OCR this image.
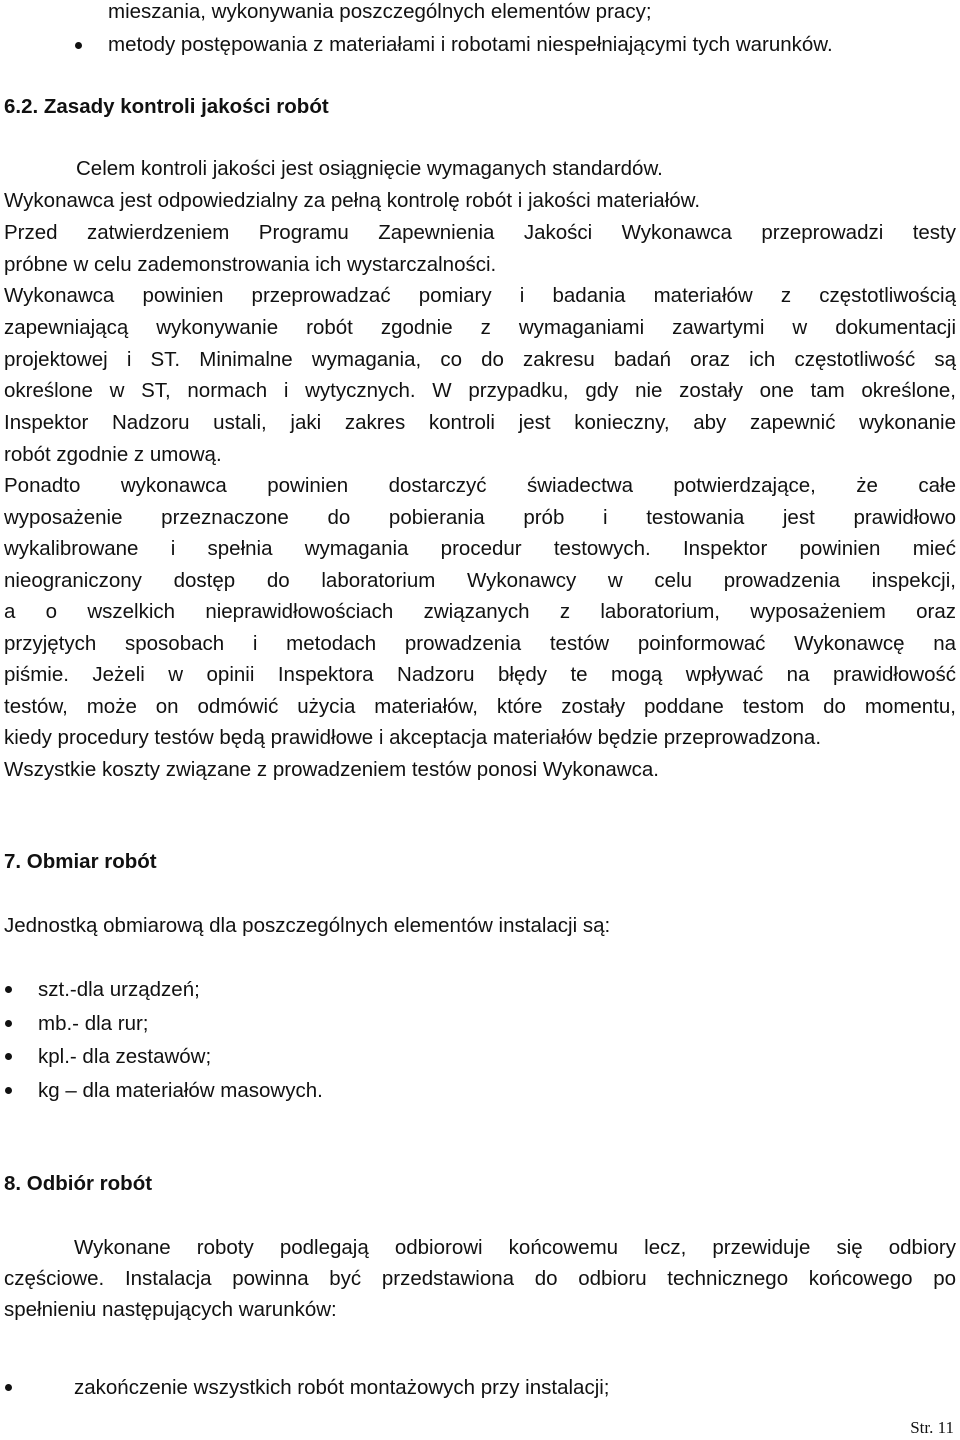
mieszania, wykonywania poszczególnych elementów pracy;
metody postępowania z materiałami i robotami niespełniającymi tych warunków.
6.2. Zasady kontroli jakości robót
Celem kontroli jakości jest osiągnięcie wymaganych standardów.
Wykonawca jest odpowiedzialny za pełną kontrolę robót i jakości materiałów.
Przed zatwierdzeniem Programu Zapewnienia Jakości Wykonawca przeprowadzi testy
próbne w celu zademonstrowania ich wystarczalności.
Wykonawca powinien przeprowadzać pomiary i badania materiałów z częstotliwością
zapewniającą wykonywanie robót zgodnie z wymaganiami zawartymi w dokumentacji
projektowej i ST. Minimalne wymagania, co do zakresu badań oraz ich częstotliwość są
określone w ST, normach i wytycznych. W przypadku, gdy nie zostały one tam określone,
Inspektor Nadzoru ustali, jaki zakres kontroli jest konieczny, aby zapewnić wykonanie
robót zgodnie z umową.
Ponadto wykonawca powinien dostarczyć świadectwa potwierdzające, że całe
wyposażenie przeznaczone do pobierania prób i testowania jest prawidłowo
wykalibrowane i spełnia wymagania procedur testowych. Inspektor powinien mieć
nieograniczony dostęp do laboratorium Wykonawcy w celu prowadzenia inspekcji,
a o wszelkich nieprawidłowościach związanych z laboratorium, wyposażeniem oraz
przyjętych sposobach i metodach prowadzenia testów poinformować Wykonawcę na
piśmie. Jeżeli w opinii Inspektora Nadzoru błędy te mogą wpływać na prawidłowość
testów, może on odmówić użycia materiałów, które zostały poddane testom do momentu,
kiedy procedury testów będą prawidłowe i akceptacja materiałów będzie przeprowadzona.
Wszystkie koszty związane z prowadzeniem testów ponosi Wykonawca.
7. Obmiar robót
Jednostką obmiarową dla poszczególnych elementów instalacji są:
szt.-dla urządzeń;
mb.- dla rur;
kpl.- dla zestawów;
kg – dla materiałów masowych.
8. Odbiór robót
Wykonane roboty podlegają odbiorowi końcowemu lecz, przewiduje się odbiory
częściowe. Instalacja powinna być przedstawiona do odbioru technicznego końcowego po
spełnieniu następujących warunków:
zakończenie wszystkich robót montażowych przy instalacji;
Str. 11
